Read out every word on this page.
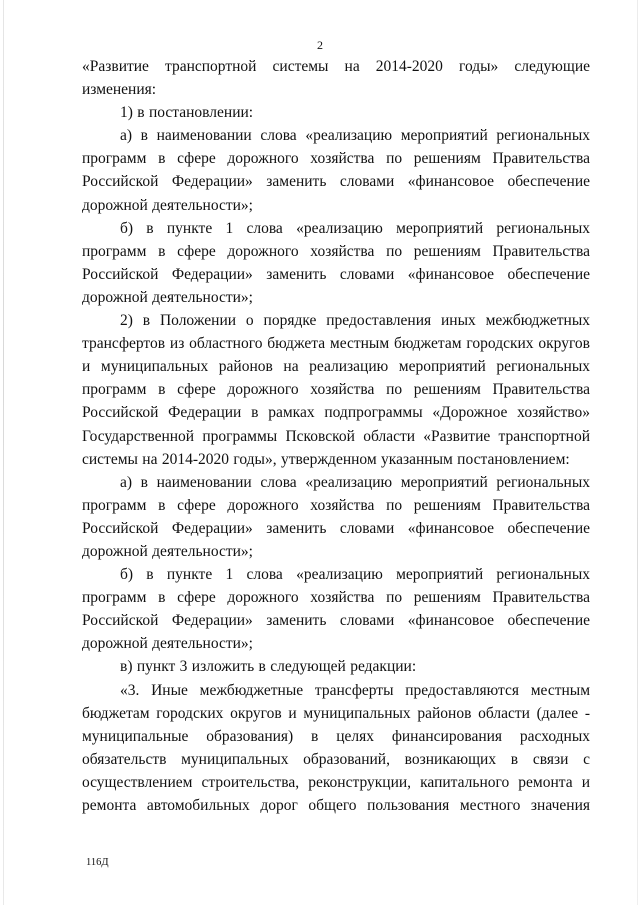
2

«Развитие транспортной системы на 2014-2020 годы» следующие изменения:

1) в постановлении:

а) в наименовании слова «реализацию мероприятий региональных программ в сфере дорожного хозяйства по решениям Правительства Российской Федерации» заменить словами «финансовое обеспечение дорожной деятельности»;

б) в пункте 1 слова «реализацию мероприятий региональных программ в сфере дорожного хозяйства по решениям Правительства Российской Федерации» заменить словами «финансовое обеспечение дорожной деятельности»;

2) в Положении о порядке предоставления иных межбюджетных трансфертов из областного бюджета местным бюджетам городских округов и муниципальных районов на реализацию мероприятий региональных программ в сфере дорожного хозяйства по решениям Правительства Российской Федерации в рамках подпрограммы «Дорожное хозяйство» Государственной программы Псковской области «Развитие транспортной системы на 2014-2020 годы», утвержденном указанным постановлением:

а) в наименовании слова «реализацию мероприятий региональных программ в сфере дорожного хозяйства по решениям Правительства Российской Федерации» заменить словами «финансовое обеспечение дорожной деятельности»;

б) в пункте 1 слова «реализацию мероприятий региональных программ в сфере дорожного хозяйства по решениям Правительства Российской Федерации» заменить словами «финансовое обеспечение дорожной деятельности»;

в) пункт 3 изложить в следующей редакции:

«3. Иные межбюджетные трансферты предоставляются местным бюджетам городских округов и муниципальных районов области (далее - муниципальные образования) в целях финансирования расходных обязательств муниципальных образований, возникающих в связи с осуществлением строительства, реконструкции, капитального ремонта и ремонта автомобильных дорог общего пользования местного значения

116Д
